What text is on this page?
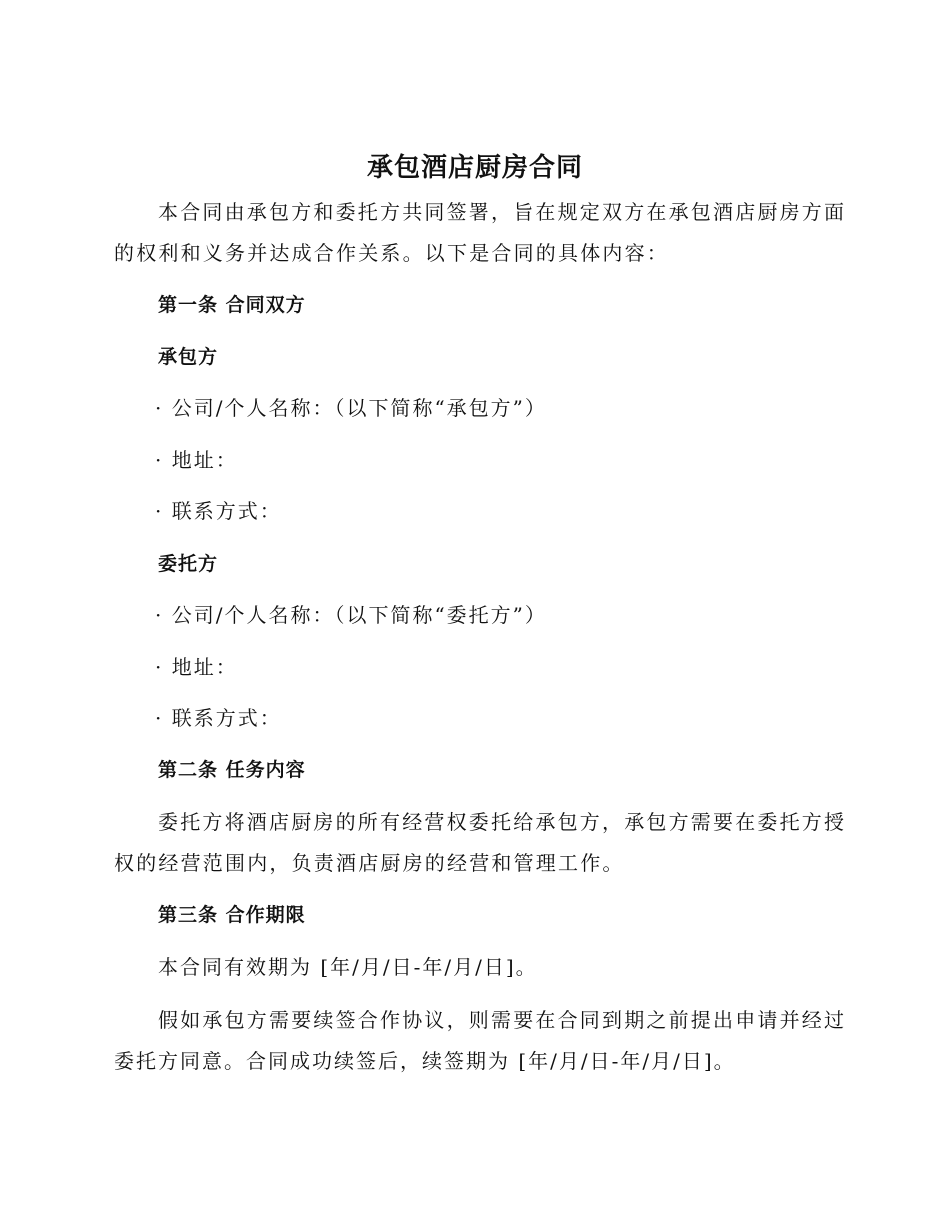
承包酒店厨房合同
本合同由承包方和委托方共同签署，旨在规定双方在承包酒店厨房方面
的权利和义务并达成合作关系。以下是合同的具体内容：
第一条 合同双方
承包方
· 公司/个人名称：（以下简称“承包方”）
· 地址：
· 联系方式：
委托方
· 公司/个人名称：（以下简称“委托方”）
· 地址：
· 联系方式：
第二条 任务内容
委托方将酒店厨房的所有经营权委托给承包方，承包方需要在委托方授
权的经营范围内，负责酒店厨房的经营和管理工作。
第三条 合作期限
本合同有效期为 [年/月/日-年/月/日]。
假如承包方需要续签合作协议，则需要在合同到期之前提出申请并经过
委托方同意。合同成功续签后，续签期为 [年/月/日-年/月/日]。
